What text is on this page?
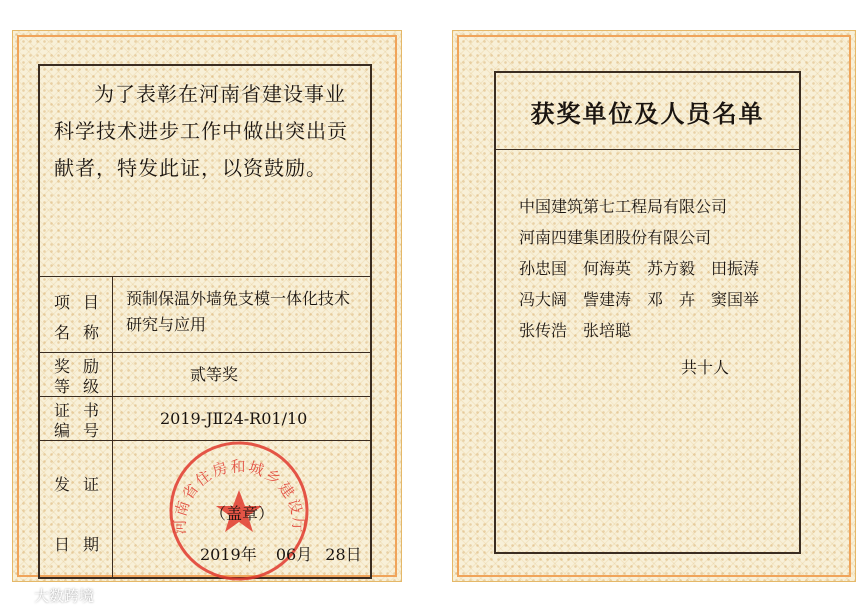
为了表彰在河南省建设事业
科学技术进步工作中做出突出贡
献者，特发此证，以资鼓励。
项 目
名 称
预制保温外墙免支模一体化技术
研究与应用
奖 励
等 级
贰等奖
证 书
编 号
2019-JⅡ24-R01/10
发 证
日 期
河南省住房和城乡建设厅
（盖章）
2019年 06月 28日
获奖单位及人员名单
中国建筑第七工程局有限公司
河南四建集团股份有限公司
孙忠国 何海英 苏方毅 田振涛
冯大阔 訾建涛 邓　卉 窦国举
张传浩 张培聪
共十人
大数跨境
